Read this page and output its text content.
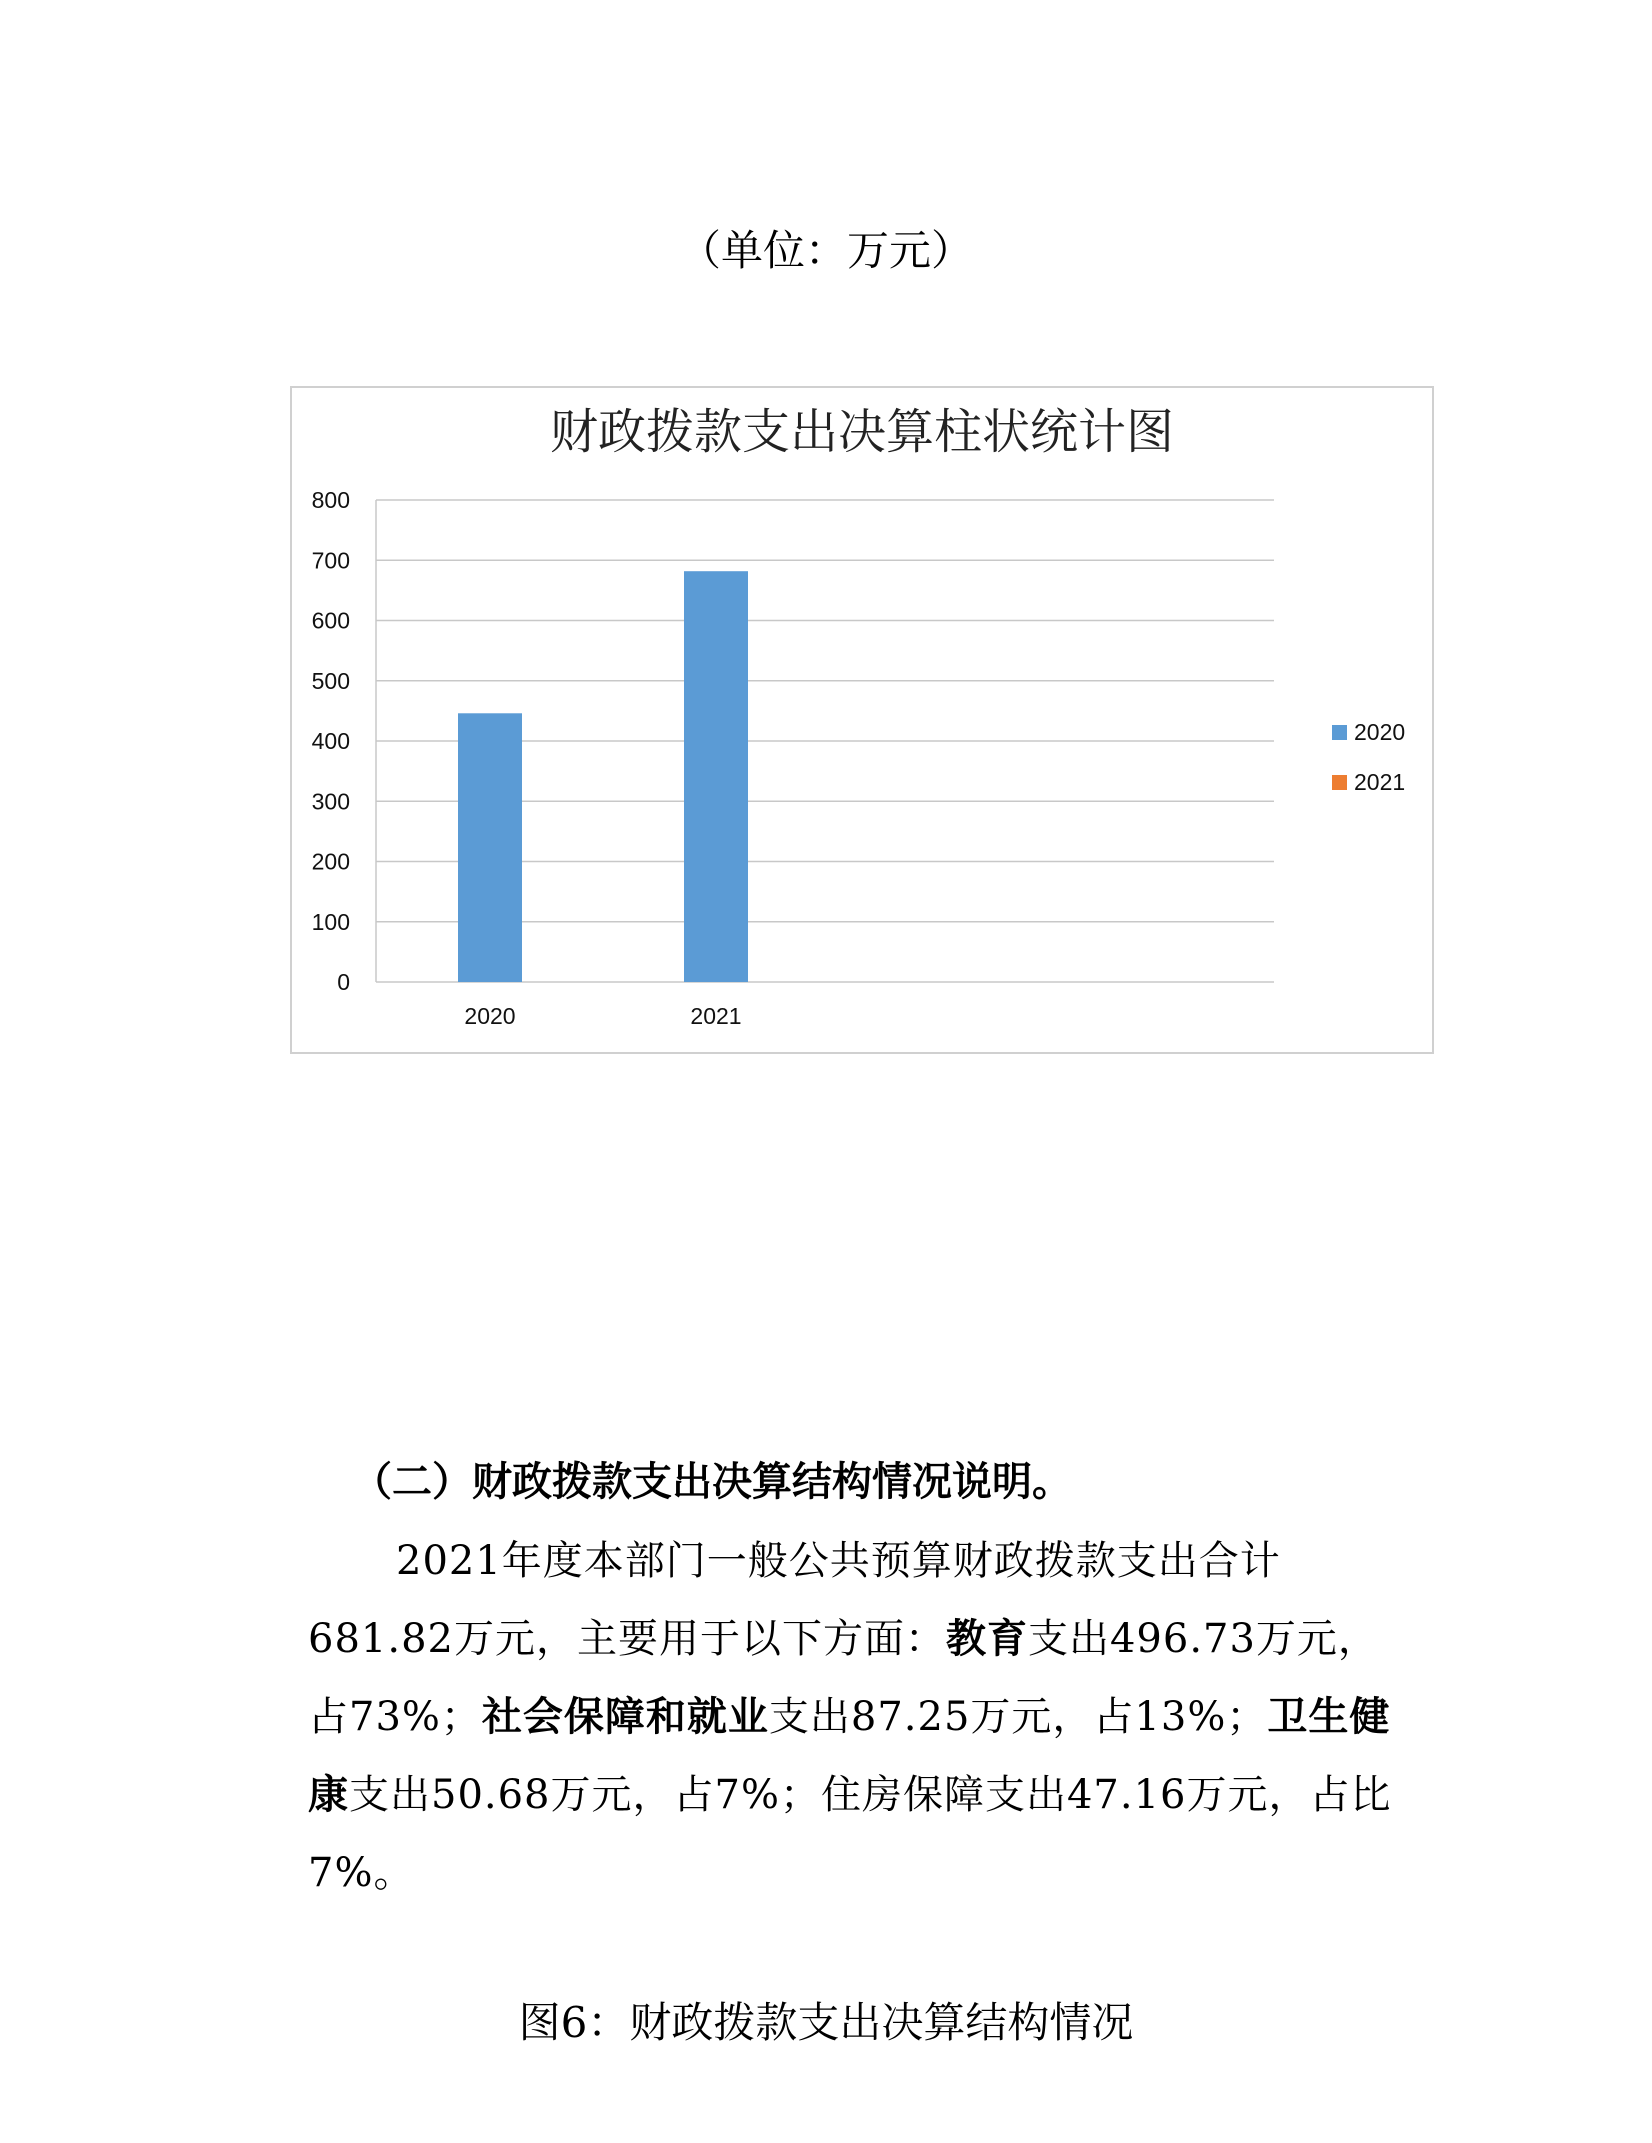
（单位：万元）
财政拨款支出决算柱状统计图
0
100
200
300
400
500
600
700
800
2020	2021
2020
2021
（二）财政拨款支出决算结构情况说明。
2021年度本部门一般公共预算财政拨款支出合计681.82万元，主要用于以下方面：教育支出496.73万元，占73%；社会保障和就业支出87.25万元，占13%；卫生健康支出50.68万元，占7%；住房保障支出47.16万元，占比7%。
图6：财政拨款支出决算结构情况
